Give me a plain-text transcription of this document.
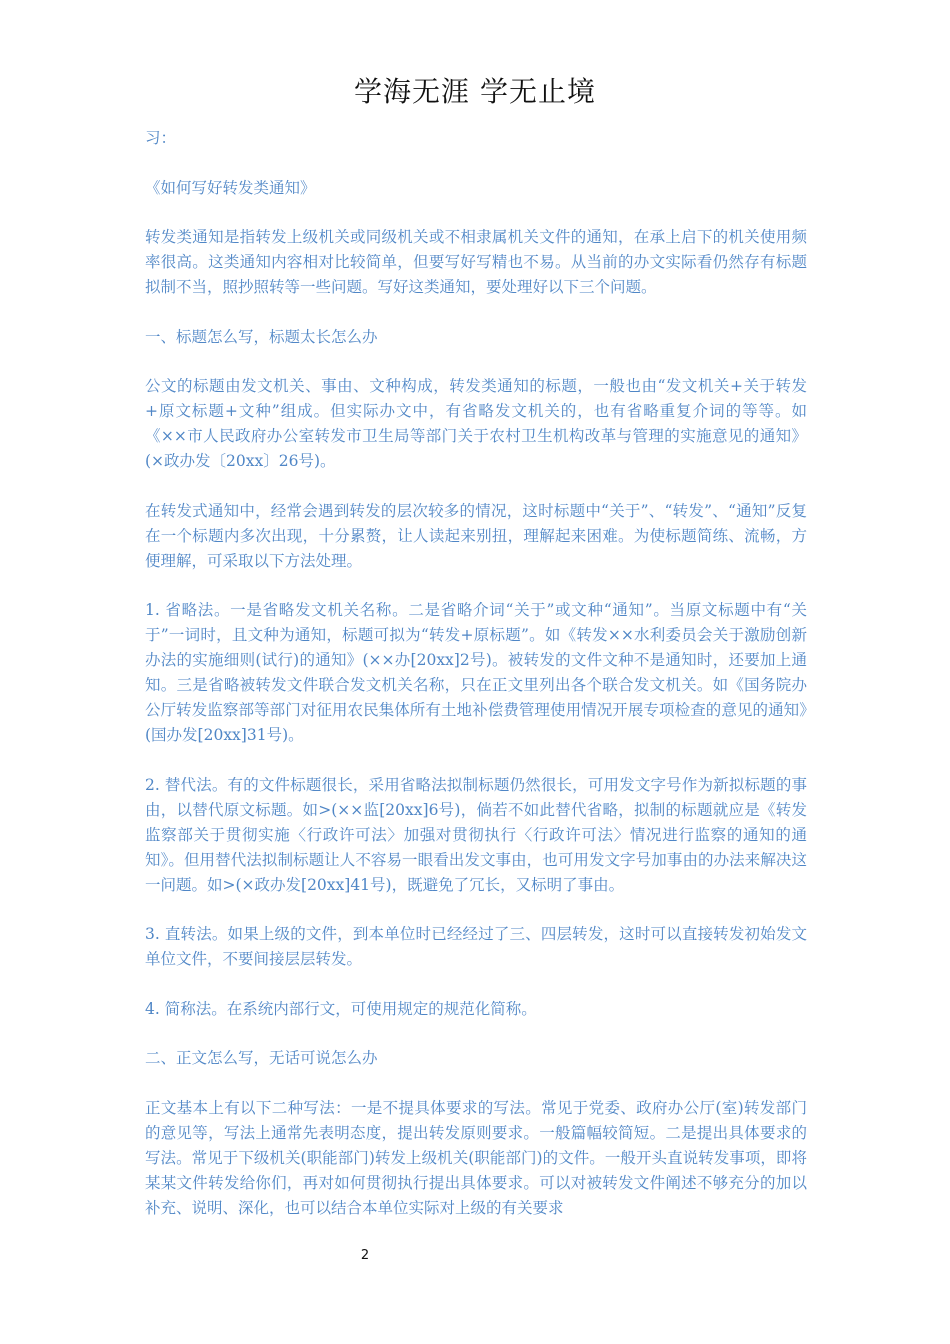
学海无涯 学无止境

习：

《如何写好转发类通知》

转发类通知是指转发上级机关或同级机关或不相隶属机关文件的通知，在承上启下的机关使用频率很高。这类通知内容相对比较简单，但要写好写精也不易。从当前的办文实际看仍然存有标题拟制不当，照抄照转等一些问题。写好这类通知，要处理好以下三个问题。

一、标题怎么写，标题太长怎么办

公文的标题由发文机关、事由、文种构成，转发类通知的标题，一般也由“发文机关+关于转发+原文标题+文种”组成。但实际办文中，有省略发文机关的，也有省略重复介词的等等。如《××市人民政府办公室转发市卫生局等部门关于农村卫生机构改革与管理的实施意见的通知》(×政办发〔20xx〕26号)。

在转发式通知中，经常会遇到转发的层次较多的情况，这时标题中“关于”、“转发”、“通知”反复在一个标题内多次出现，十分累赘，让人读起来别扭，理解起来困难。为使标题简练、流畅，方便理解，可采取以下方法处理。

1. 省略法。一是省略发文机关名称。二是省略介词“关于”或文种“通知”。当原文标题中有“关于”一词时，且文种为通知，标题可拟为“转发+原标题”。如《转发××水利委员会关于激励创新办法的实施细则(试行)的通知》(××办[20xx]2号)。被转发的文件文种不是通知时，还要加上通知。三是省略被转发文件联合发文机关名称，只在正文里列出各个联合发文机关。如《国务院办公厅转发监察部等部门对征用农民集体所有土地补偿费管理使用情况开展专项检查的意见的通知》(国办发[20xx]31号)。

2. 替代法。有的文件标题很长，采用省略法拟制标题仍然很长，可用发文字号作为新拟标题的事由，以替代原文标题。如>(××监[20xx]6号)，倘若不如此替代省略，拟制的标题就应是《转发监察部关于贯彻实施〈行政许可法〉加强对贯彻执行〈行政许可法〉情况进行监察的通知的通知》。但用替代法拟制标题让人不容易一眼看出发文事由，也可用发文字号加事由的办法来解决这一问题。如>(×政办发[20xx]41号)，既避免了冗长，又标明了事由。

3. 直转法。如果上级的文件，到本单位时已经经过了三、四层转发，这时可以直接转发初始发文单位文件，不要间接层层转发。

4. 简称法。在系统内部行文，可使用规定的规范化简称。

二、正文怎么写，无话可说怎么办

正文基本上有以下二种写法：一是不提具体要求的写法。常见于党委、政府办公厅(室)转发部门的意见等，写法上通常先表明态度，提出转发原则要求。一般篇幅较简短。二是提出具体要求的写法。常见于下级机关(职能部门)转发上级机关(职能部门)的文件。一般开头直说转发事项，即将某某文件转发给你们，再对如何贯彻执行提出具体要求。可以对被转发文件阐述不够充分的加以补充、说明、深化，也可以结合本单位实际对上级的有关要求

2
